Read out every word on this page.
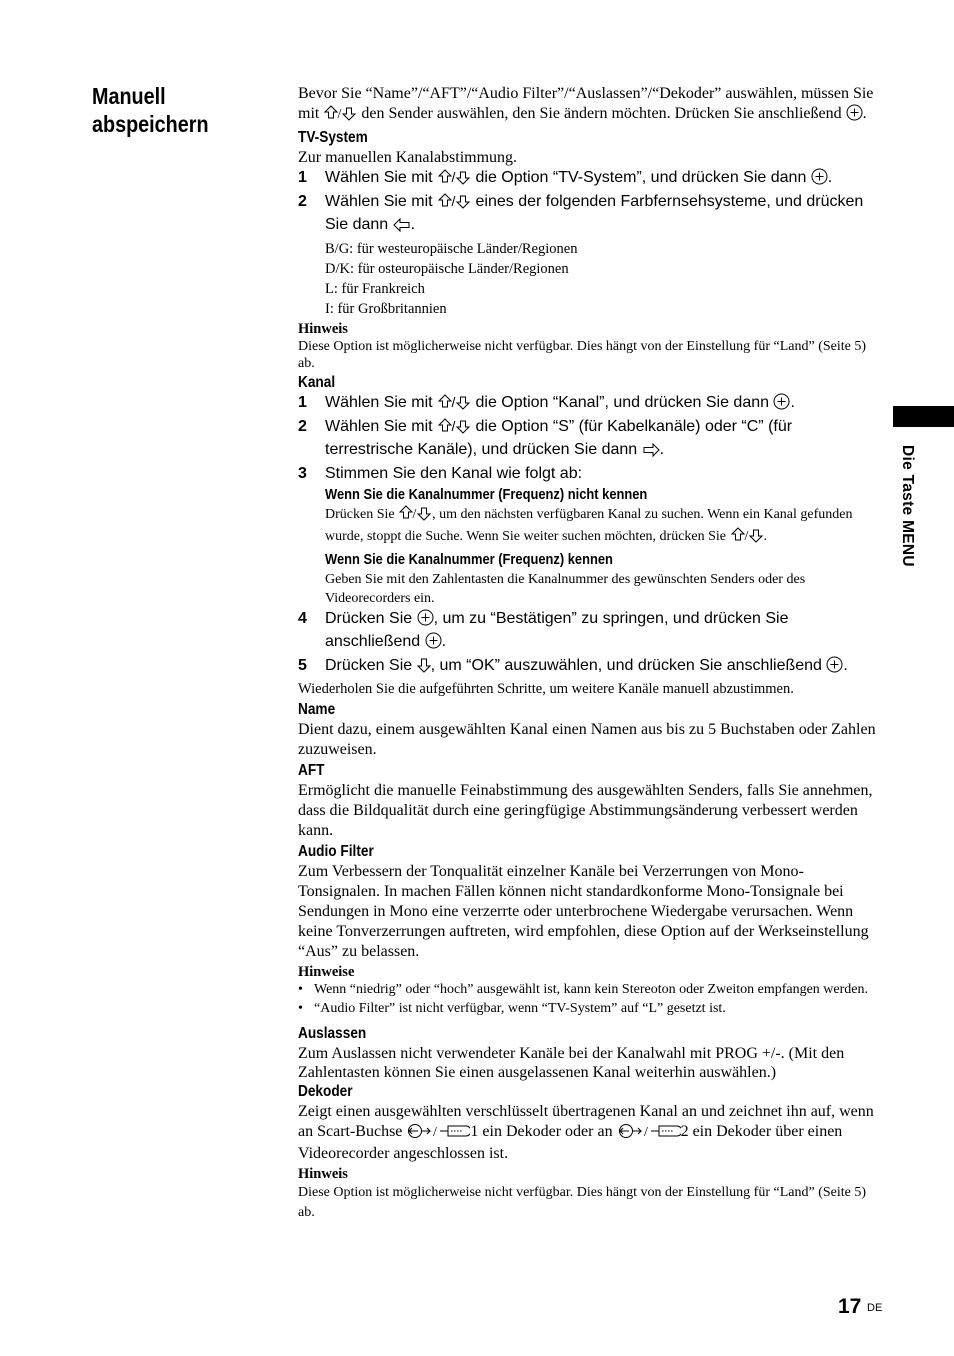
Manuell
abspeichern
Die Taste MENU

Bevor Sie “Name”/“AFT”/“Audio Filter”/“Auslassen”/“Dekoder” auswählen, müssen Sie mit / den Sender auswählen, den Sie ändern möchten. Drücken Sie anschließend .

TV-System

Zur manuellen Kanalabstimmung.

1	Wählen Sie mit / die Option “TV-System”, und drücken Sie dann .
2	Wählen Sie mit / eines der folgenden Farbfernsehsysteme, und drücken Sie dann .

B/G: für westeuropäische Länder/Regionen

D/K: für osteuropäische Länder/Regionen

L: für Frankreich

I: für Großbritannien

Hinweis

Diese Option ist möglicherweise nicht verfügbar. Dies hängt von der Einstellung für “Land” (Seite 5) ab.

Kanal
1	Wählen Sie mit / die Option “Kanal”, und drücken Sie dann .
2	Wählen Sie mit / die Option “S” (für Kabelkanäle) oder “C” (für terrestrische Kanäle), und drücken Sie dann .
3	Stimmen Sie den Kanal wie folgt ab:
Wenn Sie die Kanalnummer (Frequenz) nicht kennen

Drücken Sie / , um den nächsten verfügbaren Kanal zu suchen. Wenn ein Kanal gefunden wurde, stoppt die Suche. Wenn Sie weiter suchen möchten, drücken Sie / .

Wenn Sie die Kanalnummer (Frequenz) kennen

Geben Sie mit den Zahlentasten die Kanalnummer des gewünschten Senders oder des Videorecorders ein.

4	Drücken Sie , um zu “Bestätigen” zu springen, und drücken Sie anschließend .
5	Drücken Sie , um “OK” auszuwählen, und drücken Sie anschließend .

Wiederholen Sie die aufgeführten Schritte, um weitere Kanäle manuell abzustimmen.

Name

Dient dazu, einem ausgewählten Kanal einen Namen aus bis zu 5 Buchstaben oder Zahlen zuzuweisen.

AFT

Ermöglicht die manuelle Feinabstimmung des ausgewählten Senders, falls Sie annehmen, dass die Bildqualität durch eine geringfügige Abstimmungsänderung verbessert werden kann.

Audio Filter

Zum Verbessern der Tonqualität einzelner Kanäle bei Verzerrungen von Mono-Tonsignalen. In machen Fällen können nicht standardkonforme Mono-Tonsignale bei Sendungen in Mono eine verzerrte oder unterbrochene Wiedergabe verursachen. Wenn keine Tonverzerrungen auftreten, wird empfohlen, diese Option auf der Werkseinstellung “Aus” zu belassen.

Hinweise

• Wenn “niedrig” oder “hoch” ausgewählt ist, kann kein Stereoton oder Zweiton empfangen werden.
• “Audio Filter” ist nicht verfügbar, wenn “TV-System” auf “L” gesetzt ist.
Auslassen

Zum Auslassen nicht verwendeter Kanäle bei der Kanalwahl mit PROG +/-. (Mit den Zahlentasten können Sie einen ausgelassenen Kanal weiterhin auswählen.)

Dekoder

Zeigt einen ausgewählten verschlüsselt übertragenen Kanal an und zeichnet ihn auf, wenn an Scart-Buchse / 1 ein Dekoder oder an / 2 ein Dekoder über einen Videorecorder angeschlossen ist.

Hinweis

Diese Option ist möglicherweise nicht verfügbar. Dies hängt von der Einstellung für “Land” (Seite 5) ab.

17 DE
